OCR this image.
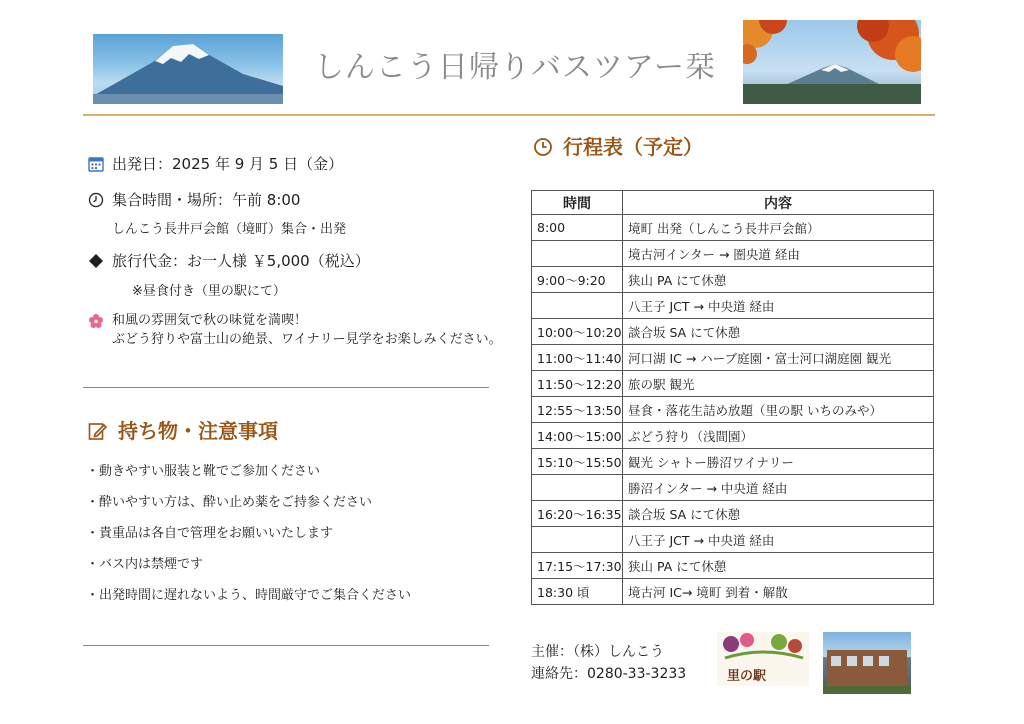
しんこう日帰りバスツアー栞
出発日：2025 年 9 月 5 日（金）
集合時間・場所：午前 8:00
しんこう長井戸会館（境町）集合・出発
旅行代金：お一人様 ￥5,000（税込）
※昼食付き（里の駅にて）
和風の雰囲気で秋の味覚を満喫！
ぶどう狩りや富士山の絶景、ワイナリー見学をお楽しみください。
持ち物・注意事項
・動きやすい服装と靴でご参加ください
・酔いやすい方は、酔い止め薬をご持参ください
・貴重品は各自で管理をお願いいたします
・バス内は禁煙です
・出発時間に遅れないよう、時間厳守でご集合ください
行程表（予定）
時間	内容
8:00	境町 出発（しんこう長井戸会館）
	境古河インター → 圏央道 経由
9:00～9:20	狭山 PA にて休憩
	八王子 JCT → 中央道 経由
10:00～10:20	談合坂 SA にて休憩
11:00～11:40	河口湖 IC → ハーブ庭園・富士河口湖庭園 観光
11:50～12:20	旅の駅 観光
12:55～13:50	昼食・落花生詰め放題（里の駅 いちのみや）
14:00～15:00	ぶどう狩り（浅間園）
15:10～15:50	観光 シャトー勝沼ワイナリー
	勝沼インター → 中央道 経由
16:20～16:35	談合坂 SA にて休憩
	八王子 JCT → 中央道 経由
17:15～17:30	狭山 PA にて休憩
18:30 頃	境古河 IC→ 境町 到着・解散
主催：（株）しんこう
連絡先：0280-33-3233	里の駅
